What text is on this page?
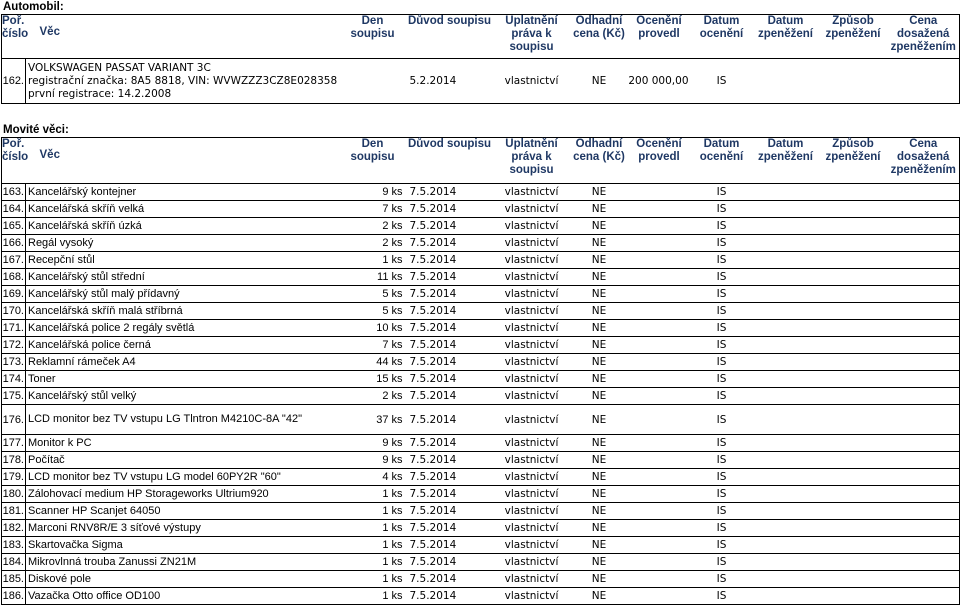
Automobil:
Poř. číslo	Věc	Den soupisu	Důvod soupisu	Uplatnění práva k soupisu	Odhadní cena (Kč)	Ocenění provedl	Datum ocenění	Datum zpeněžení	Způsob zpeněžení	Cena dosažená zpeněžením
162.	VOLKSWAGEN PASSAT VARIANT 3C
registrační značka: 8A5 8818, VIN: WVWZZZ3CZ8E028358
první registrace: 14.2.2008		5.2.2014	vlastnictví	NE	200 000,00	IS			
Movité věci:
Poř. číslo	Věc	Den soupisu	Důvod soupisu	Uplatnění práva k soupisu	Odhadní cena (Kč)	Ocenění provedl	Datum ocenění	Datum zpeněžení	Způsob zpeněžení	Cena dosažená zpeněžením
163.	Kancelářský kontejner	9 ks	7.5.2014	vlastnictví	NE		IS			
164.	Kancelářská skříň velká	7 ks	7.5.2014	vlastnictví	NE		IS			
165.	Kancelářská skříň úzká	2 ks	7.5.2014	vlastnictví	NE		IS			
166.	Regál vysoký	2 ks	7.5.2014	vlastnictví	NE		IS			
167.	Recepční stůl	1 ks	7.5.2014	vlastnictví	NE		IS			
168.	Kancelářský stůl střední	11 ks	7.5.2014	vlastnictví	NE		IS			
169.	Kancelářský stůl malý přídavný	5 ks	7.5.2014	vlastnictví	NE		IS			
170.	Kancelářská skříň malá stříbrná	5 ks	7.5.2014	vlastnictví	NE		IS			
171.	Kancelářská police 2 regály světlá	10 ks	7.5.2014	vlastnictví	NE		IS			
172.	Kancelářská police černá	7 ks	7.5.2014	vlastnictví	NE		IS			
173.	Reklamní rámeček A4	44 ks	7.5.2014	vlastnictví	NE		IS			
174.	Toner	15 ks	7.5.2014	vlastnictví	NE		IS			
175.	Kancelářský stůl velký	2 ks	7.5.2014	vlastnictví	NE		IS			
176.	LCD monitor bez TV vstupu LG Tlntron M4210C-8A "42"	37 ks	7.5.2014	vlastnictví	NE		IS			
177.	Monitor k PC	9 ks	7.5.2014	vlastnictví	NE		IS			
178.	Počítač	9 ks	7.5.2014	vlastnictví	NE		IS			
179.	LCD monitor bez TV vstupu LG model 60PY2R "60"	4 ks	7.5.2014	vlastnictví	NE		IS			
180.	Zálohovací medium HP Storageworks Ultrium920	1 ks	7.5.2014	vlastnictví	NE		IS			
181.	Scanner HP Scanjet 64050	1 ks	7.5.2014	vlastnictví	NE		IS			
182.	Marconi RNV8R/E 3 síťové výstupy	1 ks	7.5.2014	vlastnictví	NE		IS			
183.	Skartovačka Sigma	1 ks	7.5.2014	vlastnictví	NE		IS			
184.	Mikrovlnná trouba Zanussi ZN21M	1 ks	7.5.2014	vlastnictví	NE		IS			
185.	Diskové pole	1 ks	7.5.2014	vlastnictví	NE		IS			
186.	Vazačka Otto office OD100	1 ks	7.5.2014	vlastnictví	NE		IS			
